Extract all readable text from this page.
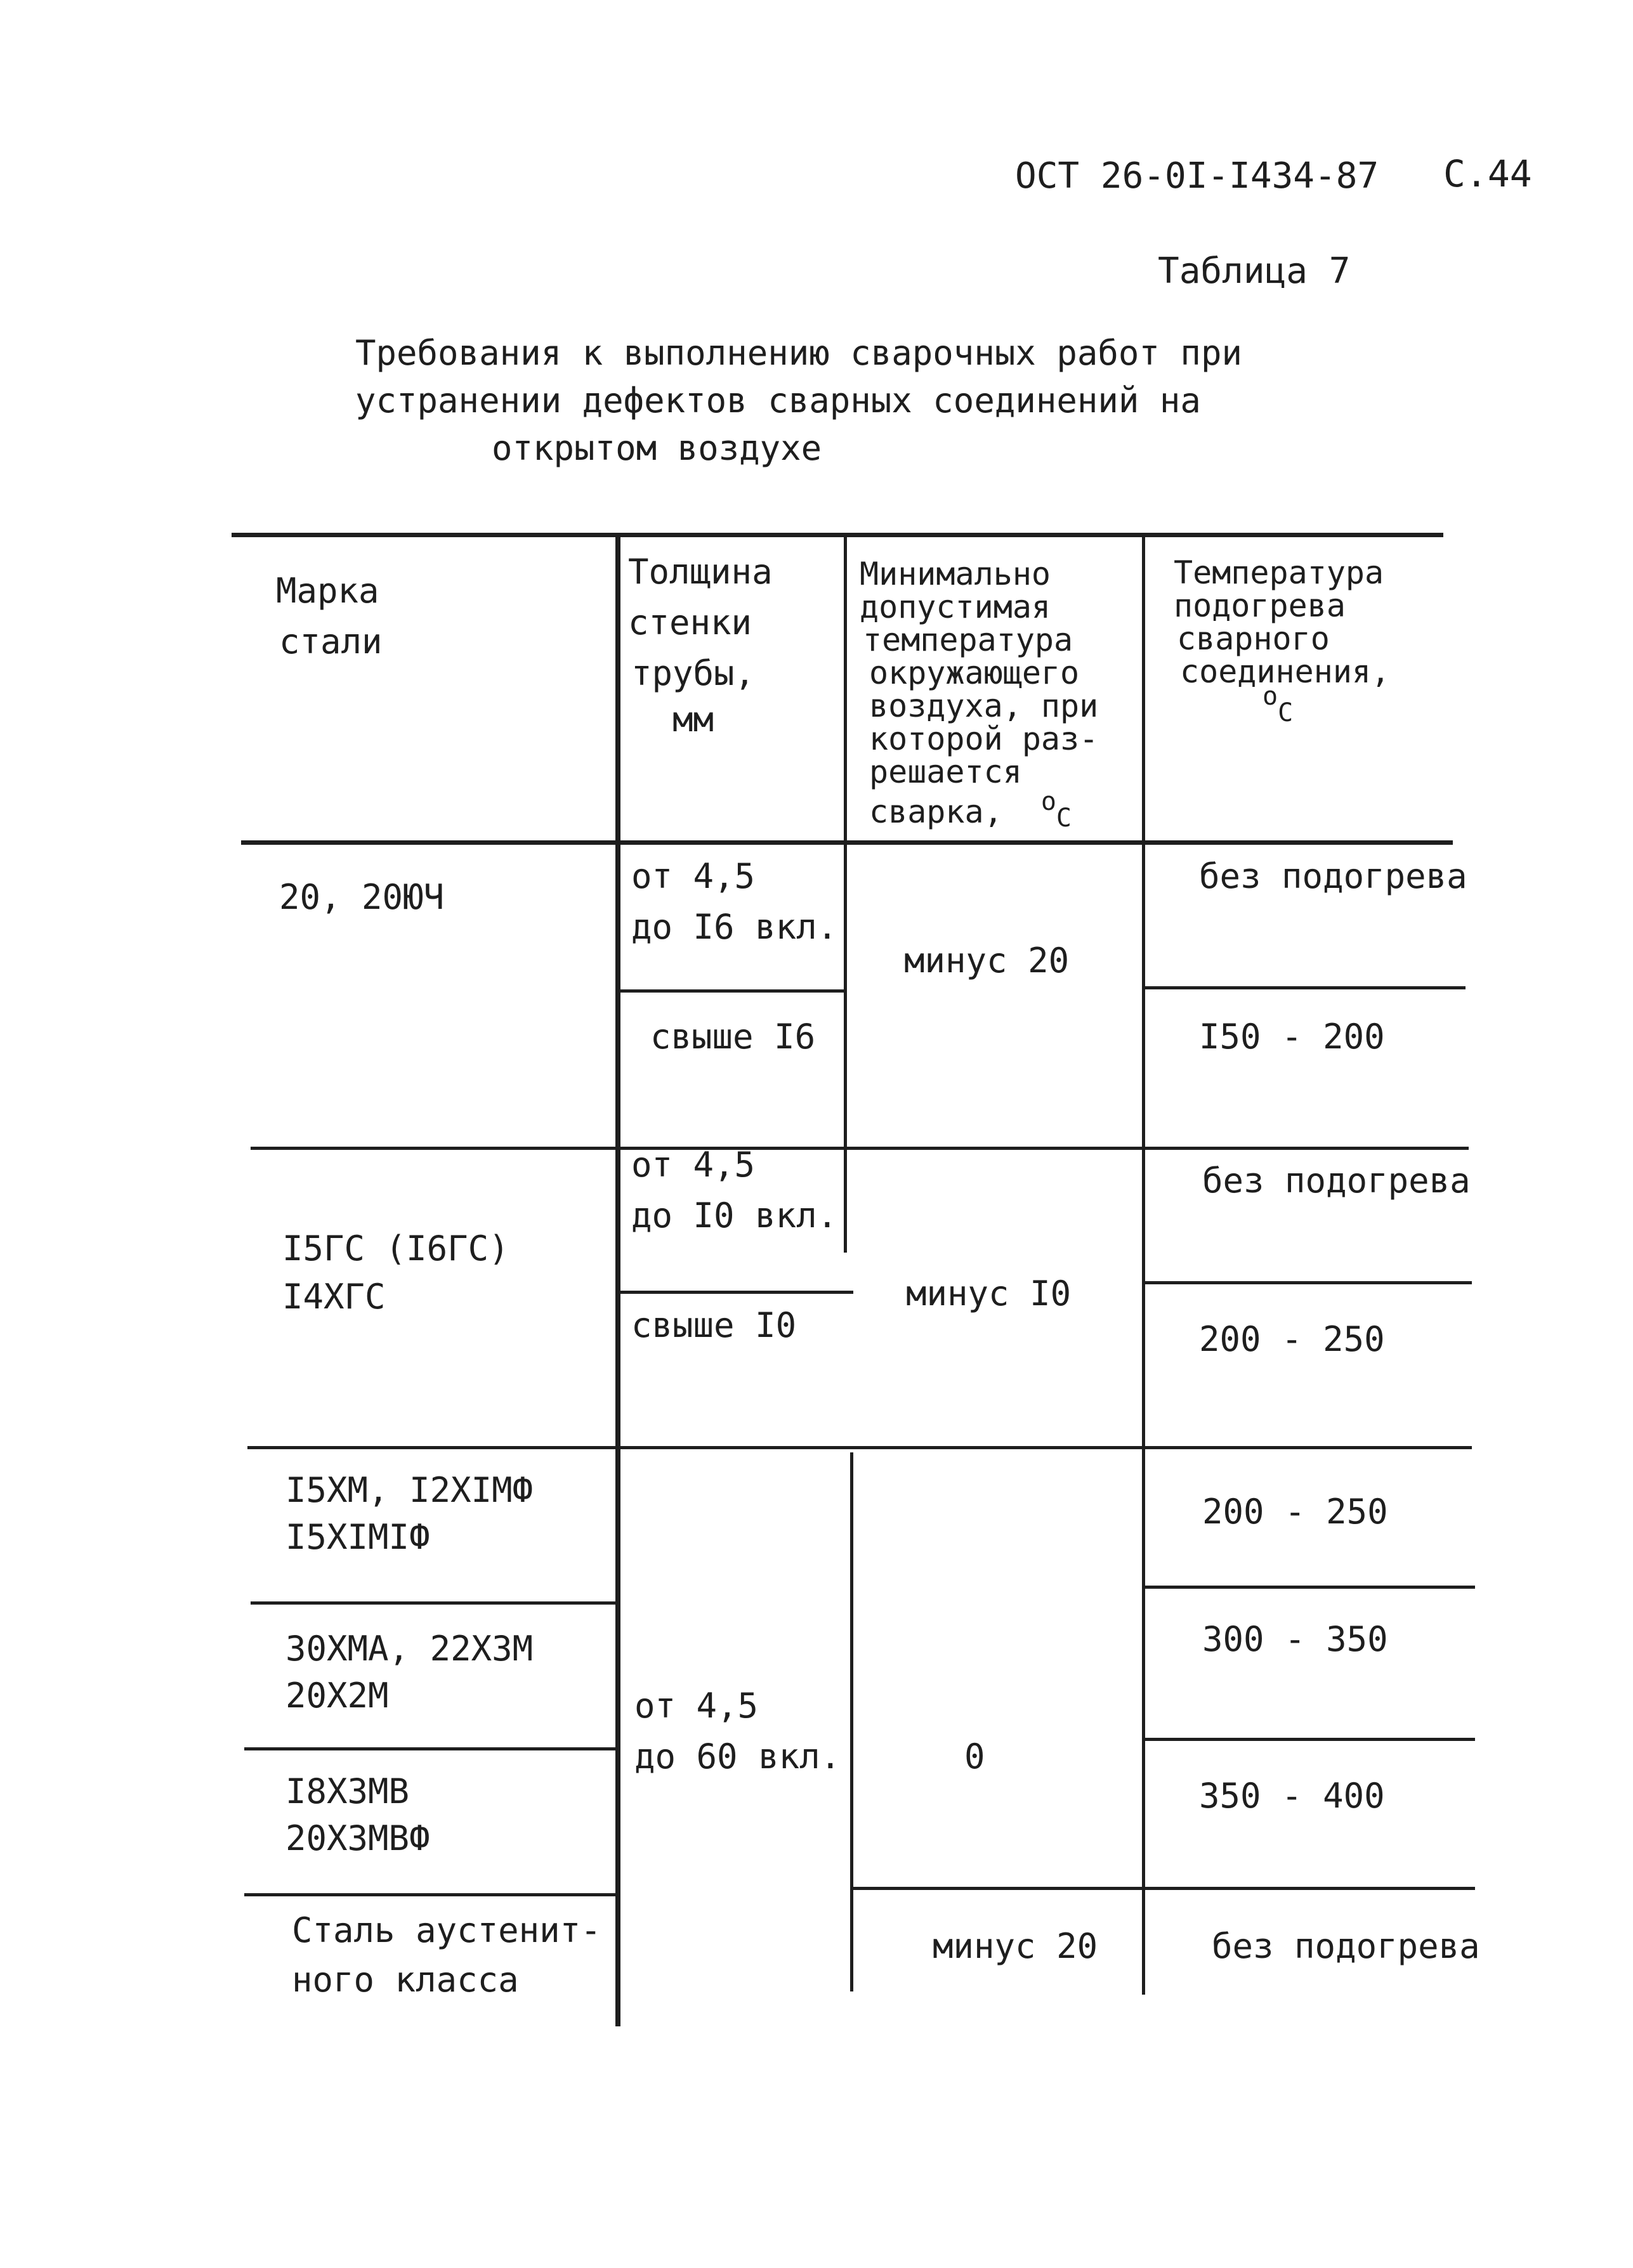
ОСТ 26-0I-I434-87 С.44
Таблица 7
Требования к выполнению сварочных работ при
устранении дефектов сварных соединений на
открытом воздухе
Марка
стали
Толщина
стенки
трубы,
мм
Минимально
допустимая
температура
окружающего
воздуха, при
которой раз-
решается
сварка, $^о$С
Температура
подогрева
сварного
соединения,
$^о$С
20, 20ЮЧ
от 4,5
до I6 вкл.
свыше I6
минус 20
без подогрева
I50 - 200
I5ГС (I6ГС)
I4ХГС
от 4,5
до I0 вкл.
свыше I0
минус I0
без подогрева
200 - 250
I5ХМ, I2ХIМФ
I5ХIМIФ
30ХМА, 22Х3М
20Х2М
I8Х3МВ
20Х3МВФ
от 4,5
до 60 вкл.	0
200 - 250
300 - 350
350 - 400
Сталь аустенит-
ного класса
минус 20	без подогрева
